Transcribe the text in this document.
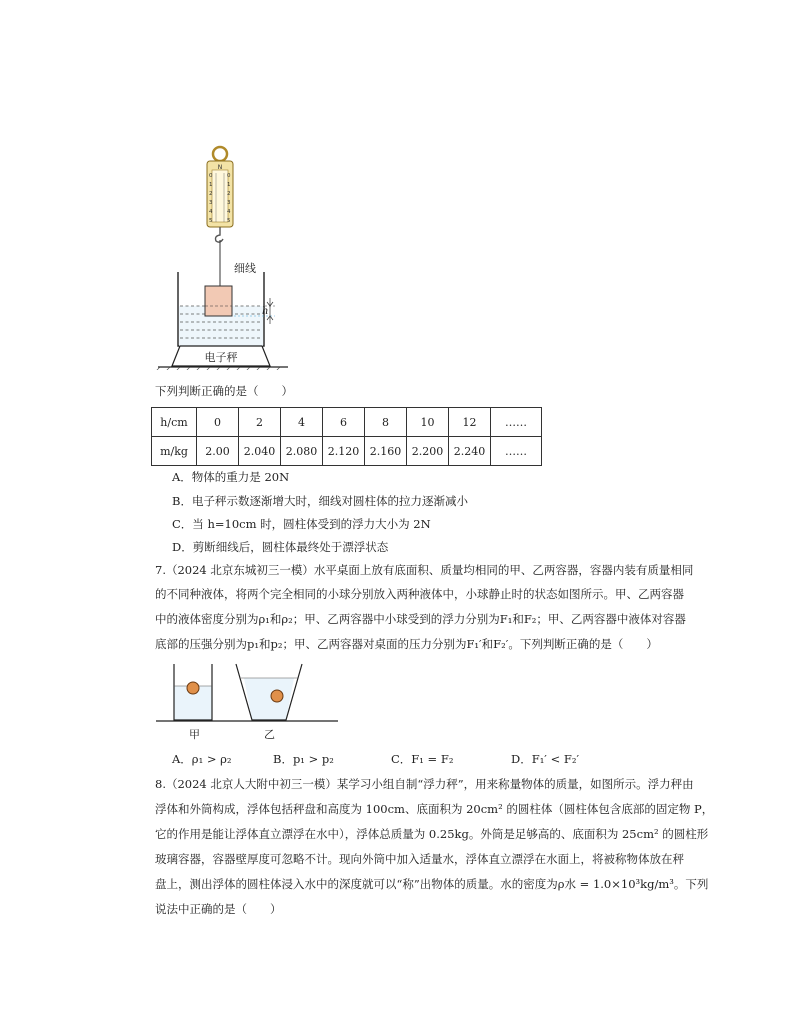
N
0
1
2
3
4
5
0
1
2
3
4
5
细线
h
电子秤
下列判断正确的是（　　）
h/cm	0	2	4	6	8	10	12	……
m/kg	2.00	2.040	2.080	2.120	2.160	2.200	2.240	……
A．物体的重力是 20N
B．电子秤示数逐渐增大时，细线对圆柱体的拉力逐渐减小
C．当 h=10cm 时，圆柱体受到的浮力大小为 2N
D．剪断细线后，圆柱体最终处于漂浮状态
7.（2024 北京东城初三一模）水平桌面上放有底面积、质量均相同的甲、乙两容器，容器内装有质量相同
的不同种液体，将两个完全相同的小球分别放入两种液体中，小球静止时的状态如图所示。甲、乙两容器
中的液体密度分别为ρ₁和ρ₂；甲、乙两容器中小球受到的浮力分别为F₁和F₂；甲、乙两容器中液体对容器
底部的压强分别为p₁和p₂；甲、乙两容器对桌面的压力分别为F₁′和F₂′。下列判断正确的是（　　）
甲	乙
A．ρ₁ > ρ₂	B．p₁ > p₂	C．F₁ = F₂	D．F₁′ < F₂′
8.（2024 北京人大附中初三一模）某学习小组自制“浮力秤”，用来称量物体的质量，如图所示。浮力秤由
浮体和外筒构成，浮体包括秤盘和高度为 100cm、底面积为 20cm² 的圆柱体（圆柱体包含底部的固定物 P，
它的作用是能让浮体直立漂浮在水中），浮体总质量为 0.25kg。外筒是足够高的、底面积为 25cm² 的圆柱形
玻璃容器，容器壁厚度可忽略不计。现向外筒中加入适量水，浮体直立漂浮在水面上，将被称物体放在秤
盘上，测出浮体的圆柱体浸入水中的深度就可以“称”出物体的质量。水的密度为ρ水 = 1.0×10³kg/m³。下列
说法中正确的是（　　）
